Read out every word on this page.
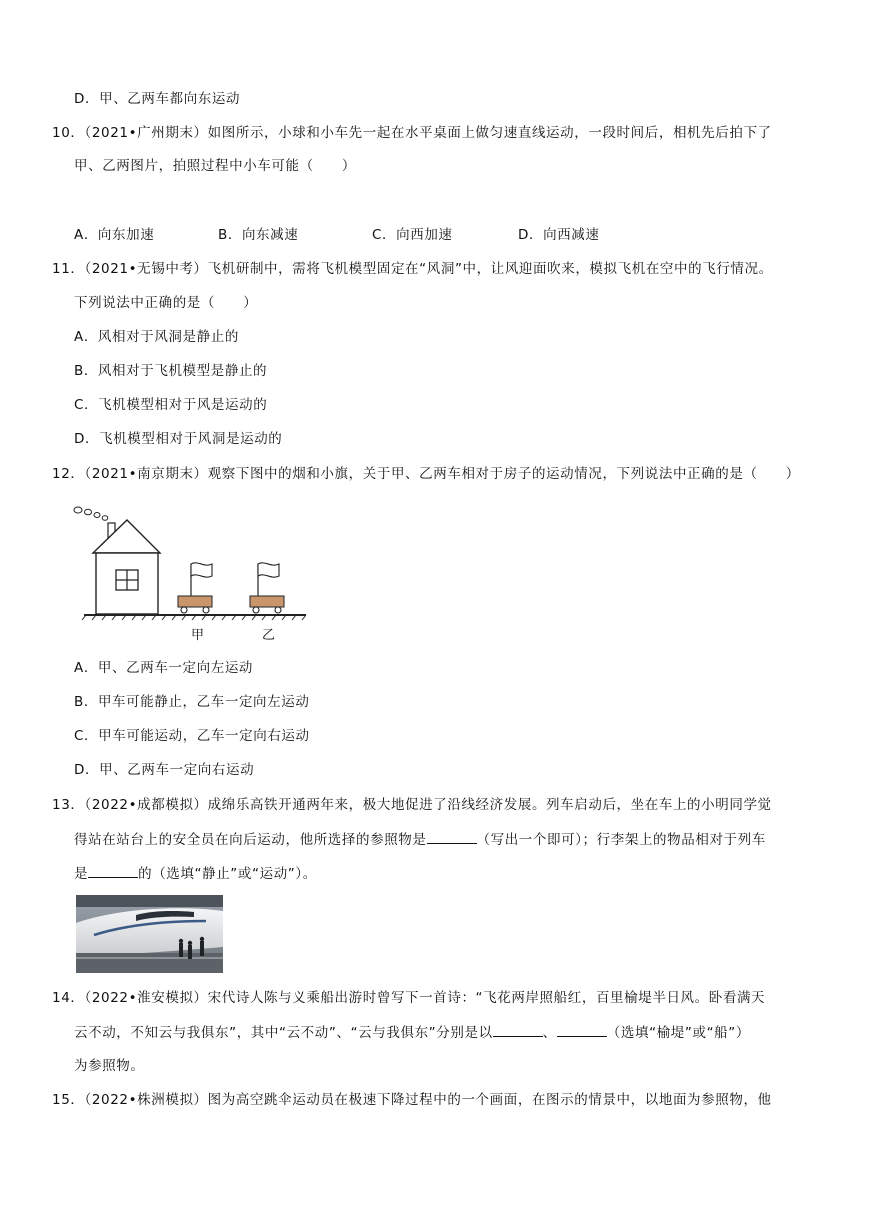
D．甲、乙两车都向东运动
10．（2021•广州期末）如图所示，小球和小车先一起在水平桌面上做匀速直线运动，一段时间后，相机先后拍下了
甲、乙两图片，拍照过程中小车可能（　　）
A．向东加速	B．向东减速	C．向西加速	D．向西减速
11．（2021•无锡中考）飞机研制中，需将飞机模型固定在“风洞”中，让风迎面吹来，模拟飞机在空中的飞行情况。
下列说法中正确的是（　　）
A．风相对于风洞是静止的
B．风相对于飞机模型是静止的
C．飞机模型相对于风是运动的
D．飞机模型相对于风洞是运动的
12．（2021•南京期末）观察下图中的烟和小旗，关于甲、乙两车相对于房子的运动情况，下列说法中正确的是（　　）
甲	乙
A．甲、乙两车一定向左运动
B．甲车可能静止，乙车一定向左运动
C．甲车可能运动，乙车一定向右运动
D．甲、乙两车一定向右运动
13．（2022•成都模拟）成绵乐高铁开通两年来，极大地促进了沿线经济发展。列车启动后，坐在车上的小明同学觉
得站在站台上的安全员在向后运动，他所选择的参照物是	（写出一个即可）；行李架上的物品相对于列车
是	的（选填“静止”或“运动”）。
14．（2022•淮安模拟）宋代诗人陈与义乘船出游时曾写下一首诗：“飞花两岸照船红，百里榆堤半日风。卧看满天
云不动，不知云与我俱东”，其中“云不动”、“云与我俱东”分别是以	、	（选填“榆堤”或“船”）
为参照物。
15．（2022•株洲模拟）图为高空跳伞运动员在极速下降过程中的一个画面，在图示的情景中，以地面为参照物，他
